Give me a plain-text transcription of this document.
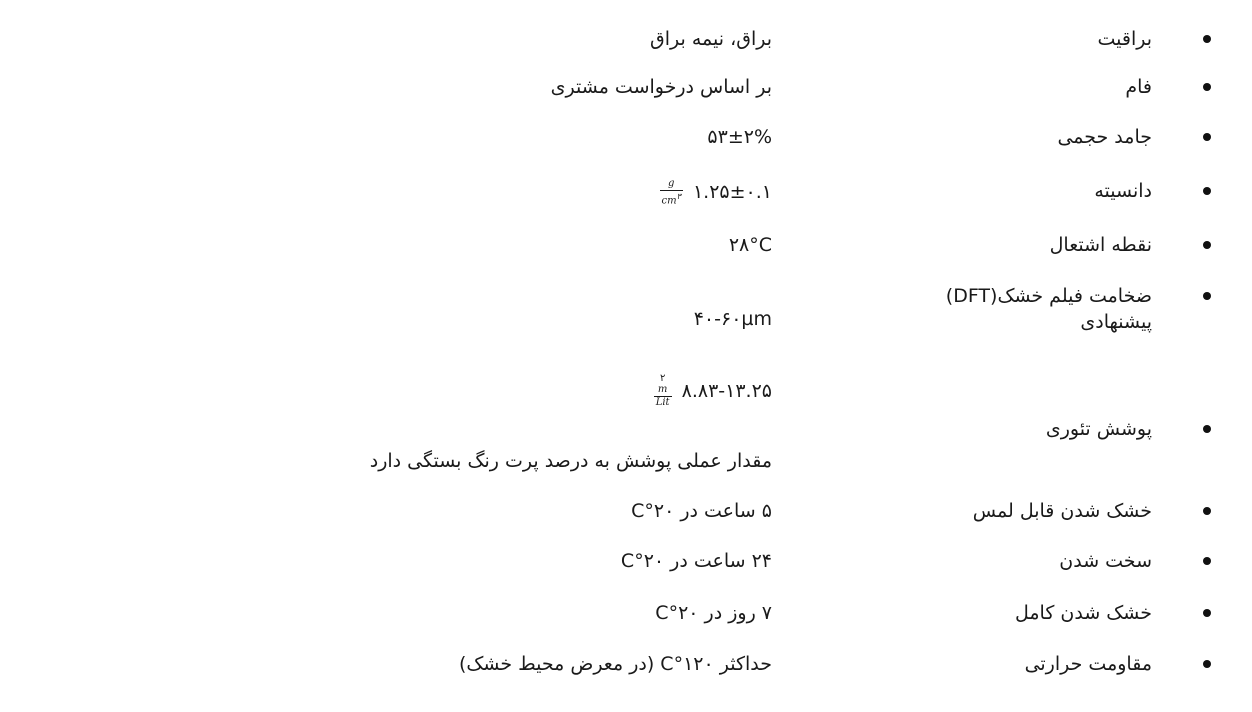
براقیت
براق، نیمه براق
فام
بر اساس درخواست مشتری
جامد حجمی
۵۳±۲%
دانسیته
۱.۲۵±۰.۱
$\frac{g}{cm^۳}$
نقطه اشتعال
۲۸°C
ضخامت فیلم خشک(DFT) پیشنهادی
۴۰-۶۰µm
پوشش تئوری
۸.۸۳-۱۳.۲۵
۲
m
Lit
مقدار عملی پوشش به درصد پرت رنگ بستگی دارد
خشک شدن قابل لمس
۵ ساعت در ۲۰°C
سخت شدن
۲۴ ساعت در ۲۰°C
خشک شدن کامل
۷ روز در ۲۰°C
مقاومت حرارتی
حداکثر ۱۲۰°C (در معرض محیط خشک)
